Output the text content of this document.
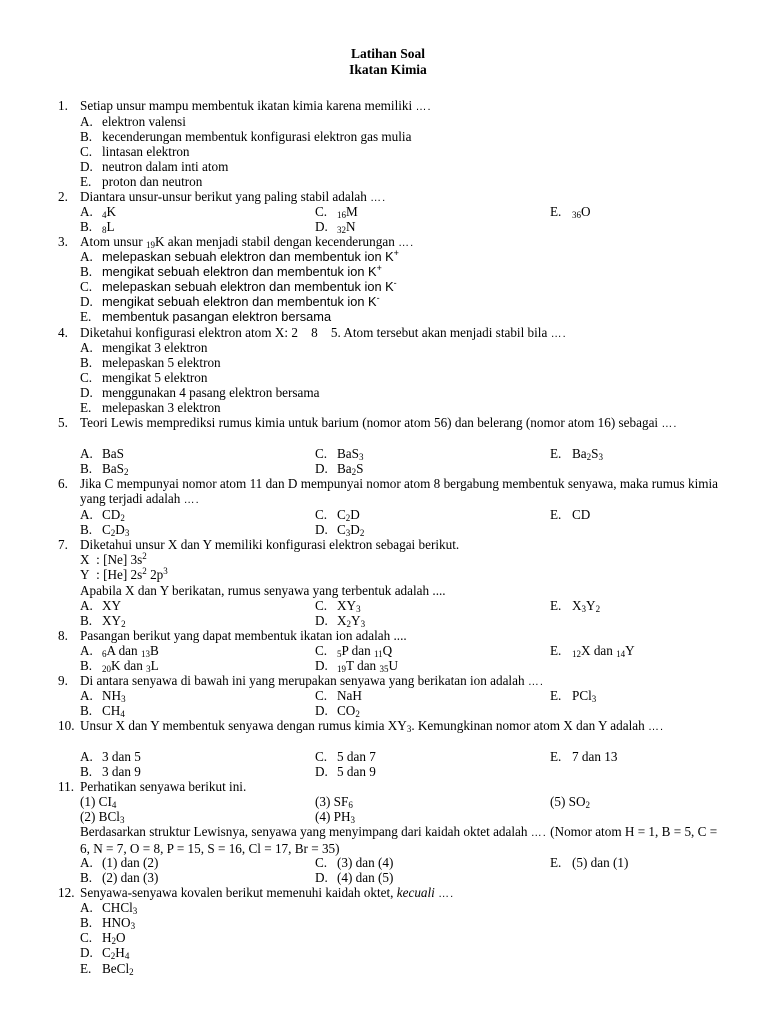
Latihan Soal
Ikatan Kimia
1. Setiap unsur mampu membentuk ikatan kimia karena memiliki ….
A. elektron valensi
B. kecenderungan membentuk konfigurasi elektron gas mulia
C. lintasan elektron
D. neutron dalam inti atom
E. proton dan neutron
2. Diantara unsur-unsur berikut yang paling stabil adalah ….
A. $_4$K	C. $_{16}$M	E. $_{36}$O
B. $_8$L	D. $_{32}$N
3. Atom unsur $_{19}$K akan menjadi stabil dengan kecenderungan ….
A. melepaskan sebuah elektron dan membentuk ion K+
B. mengikat sebuah elektron dan membentuk ion K+
C. melepaskan sebuah elektron dan membentuk ion K-
D. mengikat sebuah elektron dan membentuk ion K-
E. membentuk pasangan elektron bersama
4. Diketahui konfigurasi elektron atom X: 2    8    5. Atom tersebut akan menjadi stabil bila ….
A. mengikat 3 elektron
B. melepaskan 5 elektron
C. mengikat 5 elektron
D. menggunakan 4 pasang elektron bersama
E. melepaskan 3 elektron
5. Teori Lewis memprediksi rumus kimia untuk barium (nomor atom 56) dan belerang (nomor atom 16) sebagai ….
A. BaS	C. BaS$_3$	E. $Ba_2S_3$
B. BaS$_2$	D. $Ba_2S$
6. Jika C mempunyai nomor atom 11 dan D mempunyai nomor atom 8 bergabung membentuk senyawa, maka rumus kimia yang terjadi adalah ….
A. $CD_2$	C. $C_2D$	E. CD
B. $C_2D_3$	D. $C_3D_2$
7. Diketahui unsur X dan Y memiliki konfigurasi elektron sebagai berikut.
X  : [Ne] $3s^2$
Y  : [He] $2s^2$ $2p^3$
Apabila X dan Y berikatan, rumus senyawa yang terbentuk adalah ....
A. XY	C. $XY_3$	E. $X_3Y_2$
B. $XY_2$	D. $X_2Y_3$
8. Pasangan berikut yang dapat membentuk ikatan ion adalah ....
A. $_6$A dan $_{13}$B	C. $_5$P dan $_{11}$Q	E. $_{12}$X dan $_{14}$Y
B. $_{20}$K dan $_3$L	D. $_{19}$T dan $_{35}$U
9. Di antara senyawa di bawah ini yang merupakan senyawa yang berikatan ion adalah ….
A. $NH_3$	C. NaH	E. PCl$_3$
B. $CH_4$	D. $CO_2$
10. Unsur X dan Y membentuk senyawa dengan rumus kimia $XY_3$. Kemungkinan nomor atom X dan Y adalah ….
A. 3 dan 5	C. 5 dan 7	E. 7 dan 13
B. 3 dan 9	D. 5 dan 9
11. Perhatikan senyawa berikut ini.
Berdasarkan struktur Lewisnya, senyawa yang menyimpang dari kaidah oktet adalah …. (Nomor atom H = 1, B = 5, C = 6, N = 7, O = 8, P = 15, S = 16, Cl = 17, Br = 35)
(1) $CI_4$	(3) $SF_6$	(5) $SO_2$
(2) BCl$_3$	(4) $PH_3$
A. (1) dan (2)	C. (3) dan (4)	E. (5) dan (1)
B. (2) dan (3)	D. (4) dan (5)
12. Senyawa-senyawa kovalen berikut memenuhi kaidah oktet, kecuali ….
A. CHCl$_3$
B. $HNO_3$
C. $H_2O$
D. $C_2H_4$
E. BeCl$_2$
